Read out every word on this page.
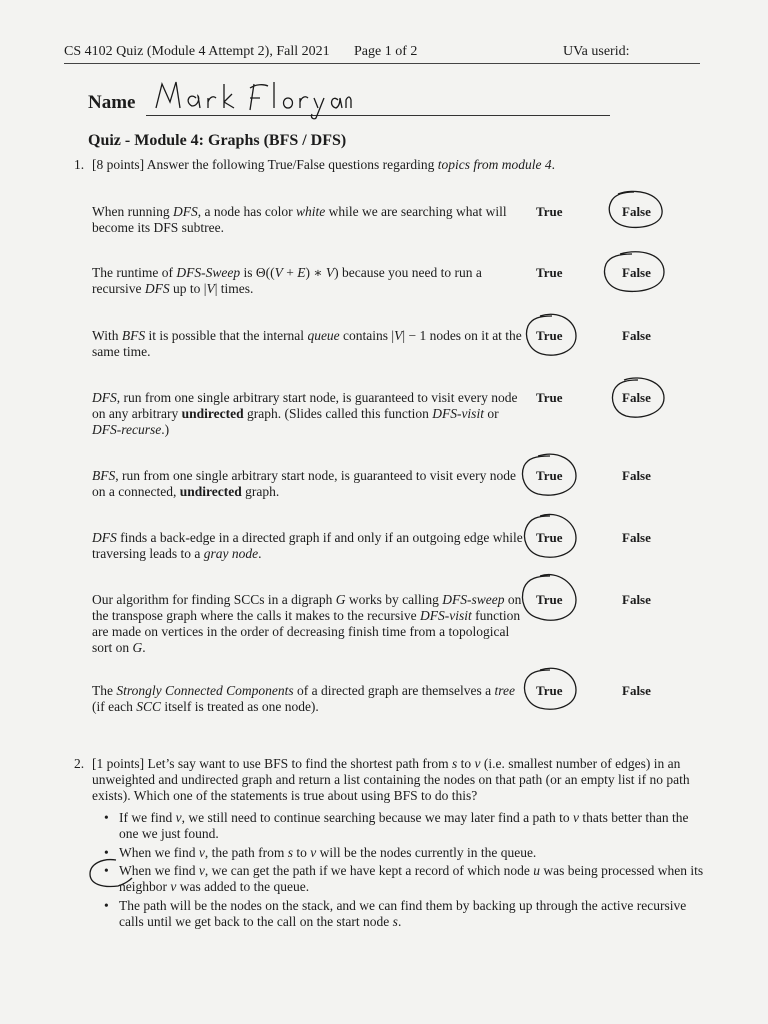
CS 4102 Quiz (Module 4 Attempt 2), Fall 2021 Page 1 of 2	UVa userid:
Name
Quiz - Module 4: Graphs (BFS / DFS)
1. [8 points] Answer the following True/False questions regarding topics from module 4.
When running DFS, a node has color white while we are searching what will become its DFS subtree.
True	False
The runtime of DFS-Sweep is Θ((V + E) ∗ V) because you need to run a recursive DFS up to |V| times.
True	False
With BFS it is possible that the internal queue contains |V| − 1 nodes on it at the same time.
True	False
DFS, run from one single arbitrary start node, is guaranteed to visit every node on any arbitrary undirected graph. (Slides called this function DFS-visit or DFS-recurse.)
True	False
BFS, run from one single arbitrary start node, is guaranteed to visit every node on a connected, undirected graph.
True	False
DFS finds a back-edge in a directed graph if and only if an outgoing edge while traversing leads to a gray node.
True	False
Our algorithm for finding SCCs in a digraph G works by calling DFS-sweep on the transpose graph where the calls it makes to the recursive DFS-visit function are made on vertices in the order of decreasing finish time from a topological sort on G.
True	False
The Strongly Connected Components of a directed graph are themselves a tree (if each SCC itself is treated as one node).
True	False
2. [1 points] Let’s say want to use BFS to find the shortest path from s to v (i.e. smallest number of edges) in an unweighted and undirected graph and return a list containing the nodes on that path (or an empty list if no path exists). Which one of the statements is true about using BFS to do this?
• If we find v, we still need to continue searching because we may later find a path to v thats better than the one we just found.
• When we find v, the path from s to v will be the nodes currently in the queue.
• When we find v, we can get the path if we have kept a record of which node u was being processed when its neighbor v was added to the queue.
• The path will be the nodes on the stack, and we can find them by backing up through the active recursive calls until we get back to the call on the start node s.
